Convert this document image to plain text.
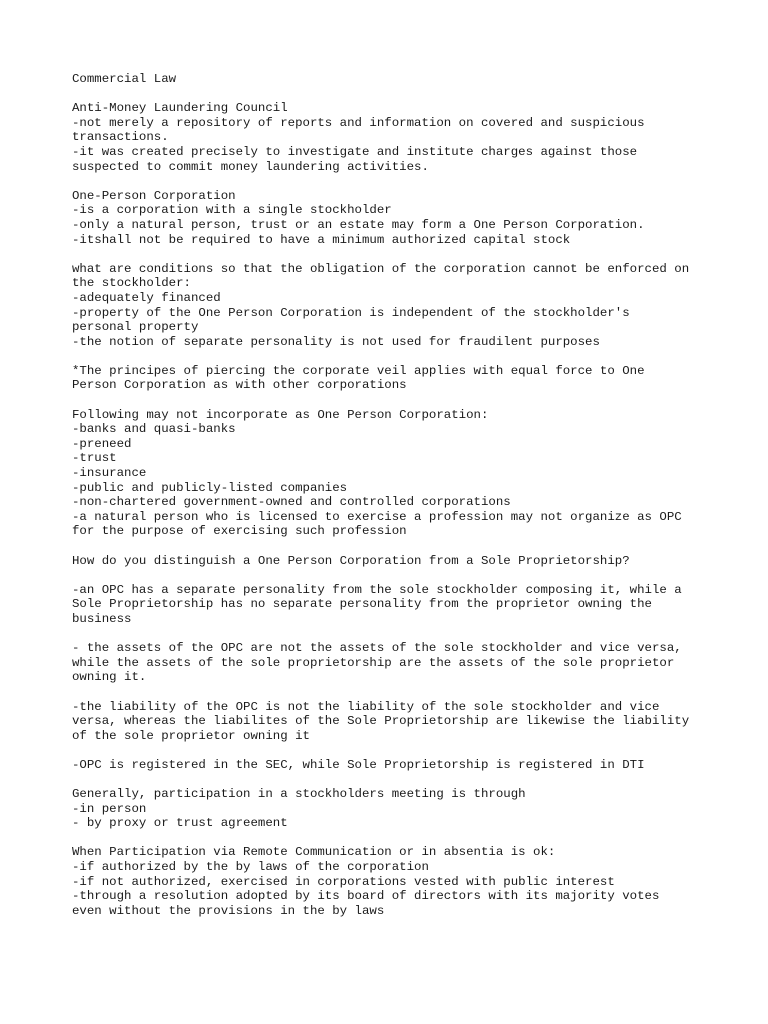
Commercial Law
Anti-Money Laundering Council
-not merely a repository of reports and information on covered and suspicious
transactions.
-it was created precisely to investigate and institute charges against those
suspected to commit money laundering activities.
One-Person Corporation
-is a corporation with a single stockholder
-only a natural person, trust or an estate may form a One Person Corporation.
-itshall not be required to have a minimum authorized capital stock
what are conditions so that the obligation of the corporation cannot be enforced on
the stockholder:
-adequately financed
-property of the One Person Corporation is independent of the stockholder's
personal property
-the notion of separate personality is not used for fraudilent purposes
*The principes of piercing the corporate veil applies with equal force to One
Person Corporation as with other corporations
Following may not incorporate as One Person Corporation:
-banks and quasi-banks
-preneed
-trust
-insurance
-public and publicly-listed companies
-non-chartered government-owned and controlled corporations
-a natural person who is licensed to exercise a profession may not organize as OPC
for the purpose of exercising such profession
How do you distinguish a One Person Corporation from a Sole Proprietorship?
-an OPC has a separate personality from the sole stockholder composing it, while a
Sole Proprietorship has no separate personality from the proprietor owning the
business
- the assets of the OPC are not the assets of the sole stockholder and vice versa,
while the assets of the sole proprietorship are the assets of the sole proprietor
owning it.
-the liability of the OPC is not the liability of the sole stockholder and vice
versa, whereas the liabilites of the Sole Proprietorship are likewise the liability
of the sole proprietor owning it
-OPC is registered in the SEC, while Sole Proprietorship is registered in DTI
Generally, participation in a stockholders meeting is through
-in person
- by proxy or trust agreement
When Participation via Remote Communication or in absentia is ok:
-if authorized by the by laws of the corporation
-if not authorized, exercised in corporations vested with public interest
-through a resolution adopted by its board of directors with its majority votes
even without the provisions in the by laws
